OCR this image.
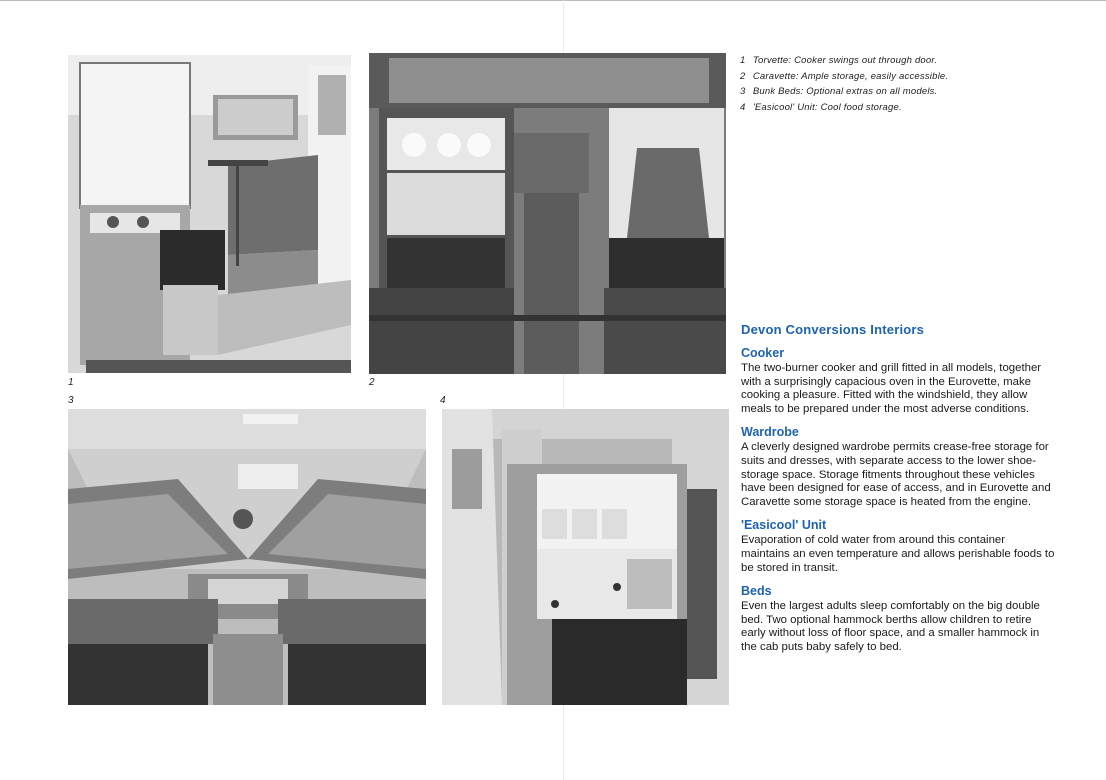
1	2
3	4
1 Torvette: Cooker swings out through door.
2 Caravette: Ample storage, easily accessible.
3 Bunk Beds: Optional extras on all models.
4 'Easicool' Unit: Cool food storage.
Devon Conversions Interiors
Cooker

The two-burner cooker and grill fitted in all models, together with a surprisingly capacious oven in the Eurovette, make cooking a pleasure. Fitted with the windshield, they allow meals to be prepared under the most adverse conditions.

Wardrobe

A cleverly designed wardrobe permits crease-free storage for suits and dresses, with separate access to the lower shoe-storage space. Storage fitments throughout these vehicles have been designed for ease of access, and in Eurovette and Caravette some storage space is heated from the engine.

'Easicool' Unit

Evaporation of cold water from around this container maintains an even temperature and allows perishable foods to be stored in transit.

Beds

Even the largest adults sleep comfortably on the big double bed. Two optional hammock berths allow children to retire early without loss of floor space, and a smaller hammock in the cab puts baby safely to bed.
